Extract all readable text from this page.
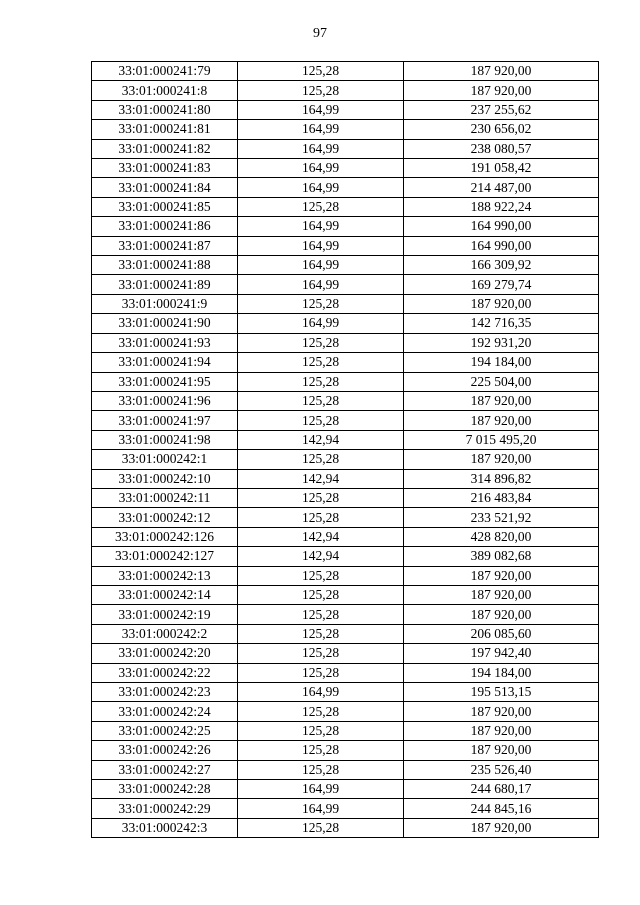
97
33:01:000241:79	125,28	187 920,00
33:01:000241:8	125,28	187 920,00
33:01:000241:80	164,99	237 255,62
33:01:000241:81	164,99	230 656,02
33:01:000241:82	164,99	238 080,57
33:01:000241:83	164,99	191 058,42
33:01:000241:84	164,99	214 487,00
33:01:000241:85	125,28	188 922,24
33:01:000241:86	164,99	164 990,00
33:01:000241:87	164,99	164 990,00
33:01:000241:88	164,99	166 309,92
33:01:000241:89	164,99	169 279,74
33:01:000241:9	125,28	187 920,00
33:01:000241:90	164,99	142 716,35
33:01:000241:93	125,28	192 931,20
33:01:000241:94	125,28	194 184,00
33:01:000241:95	125,28	225 504,00
33:01:000241:96	125,28	187 920,00
33:01:000241:97	125,28	187 920,00
33:01:000241:98	142,94	7 015 495,20
33:01:000242:1	125,28	187 920,00
33:01:000242:10	142,94	314 896,82
33:01:000242:11	125,28	216 483,84
33:01:000242:12	125,28	233 521,92
33:01:000242:126	142,94	428 820,00
33:01:000242:127	142,94	389 082,68
33:01:000242:13	125,28	187 920,00
33:01:000242:14	125,28	187 920,00
33:01:000242:19	125,28	187 920,00
33:01:000242:2	125,28	206 085,60
33:01:000242:20	125,28	197 942,40
33:01:000242:22	125,28	194 184,00
33:01:000242:23	164,99	195 513,15
33:01:000242:24	125,28	187 920,00
33:01:000242:25	125,28	187 920,00
33:01:000242:26	125,28	187 920,00
33:01:000242:27	125,28	235 526,40
33:01:000242:28	164,99	244 680,17
33:01:000242:29	164,99	244 845,16
33:01:000242:3	125,28	187 920,00
